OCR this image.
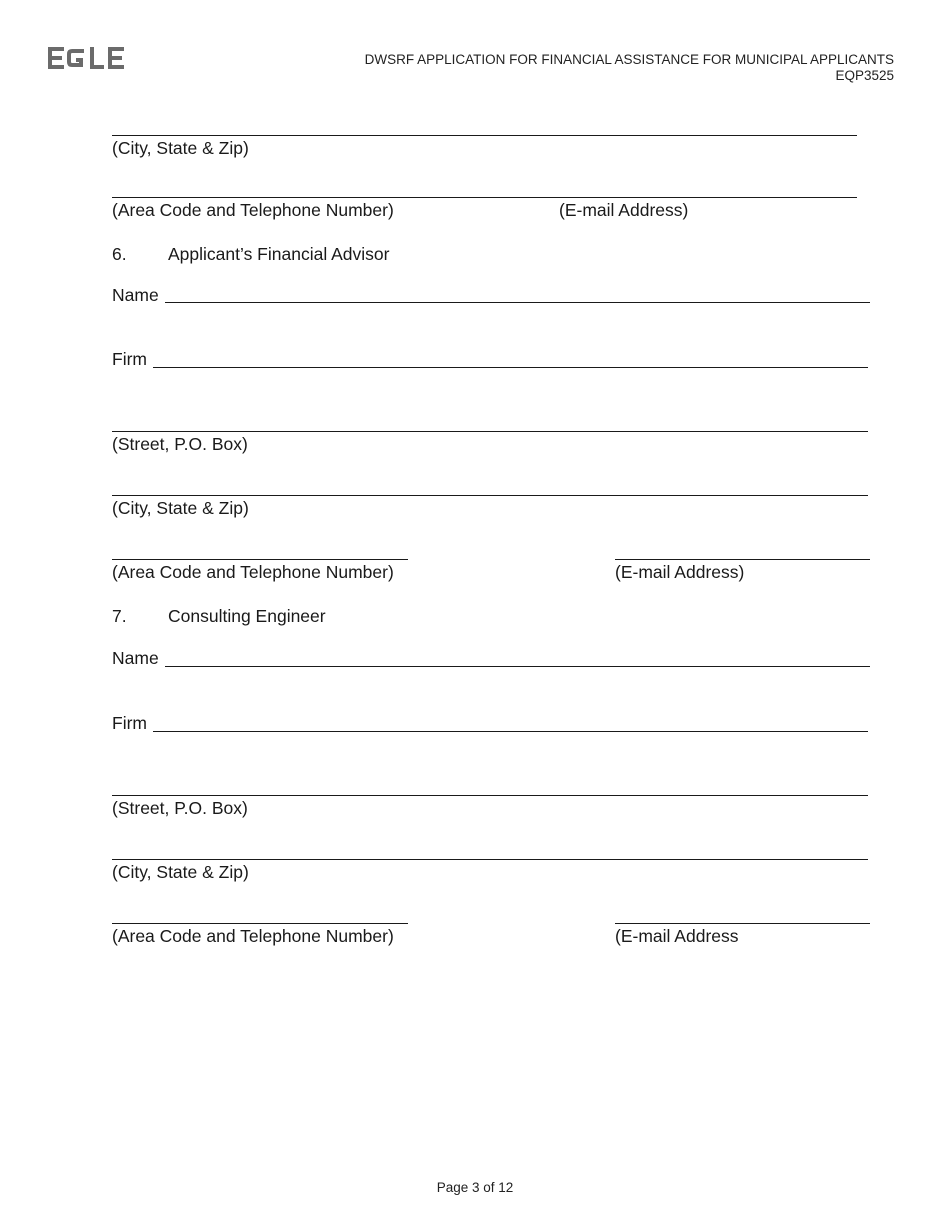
DWSRF APPLICATION FOR FINANCIAL ASSISTANCE FOR MUNICIPAL APPLICANTS
EQP3525
(City, State & Zip)
(Area Code and Telephone Number)	(E-mail Address)
6. Applicant’s Financial Advisor
Name
Firm
(Street, P.O. Box)
(City, State & Zip)
(Area Code and Telephone Number)	(E-mail Address)
7. Consulting Engineer
Name
Firm
(Street, P.O. Box)
(City, State & Zip)
(Area Code and Telephone Number)	(E-mail Address
Page 3 of 12
